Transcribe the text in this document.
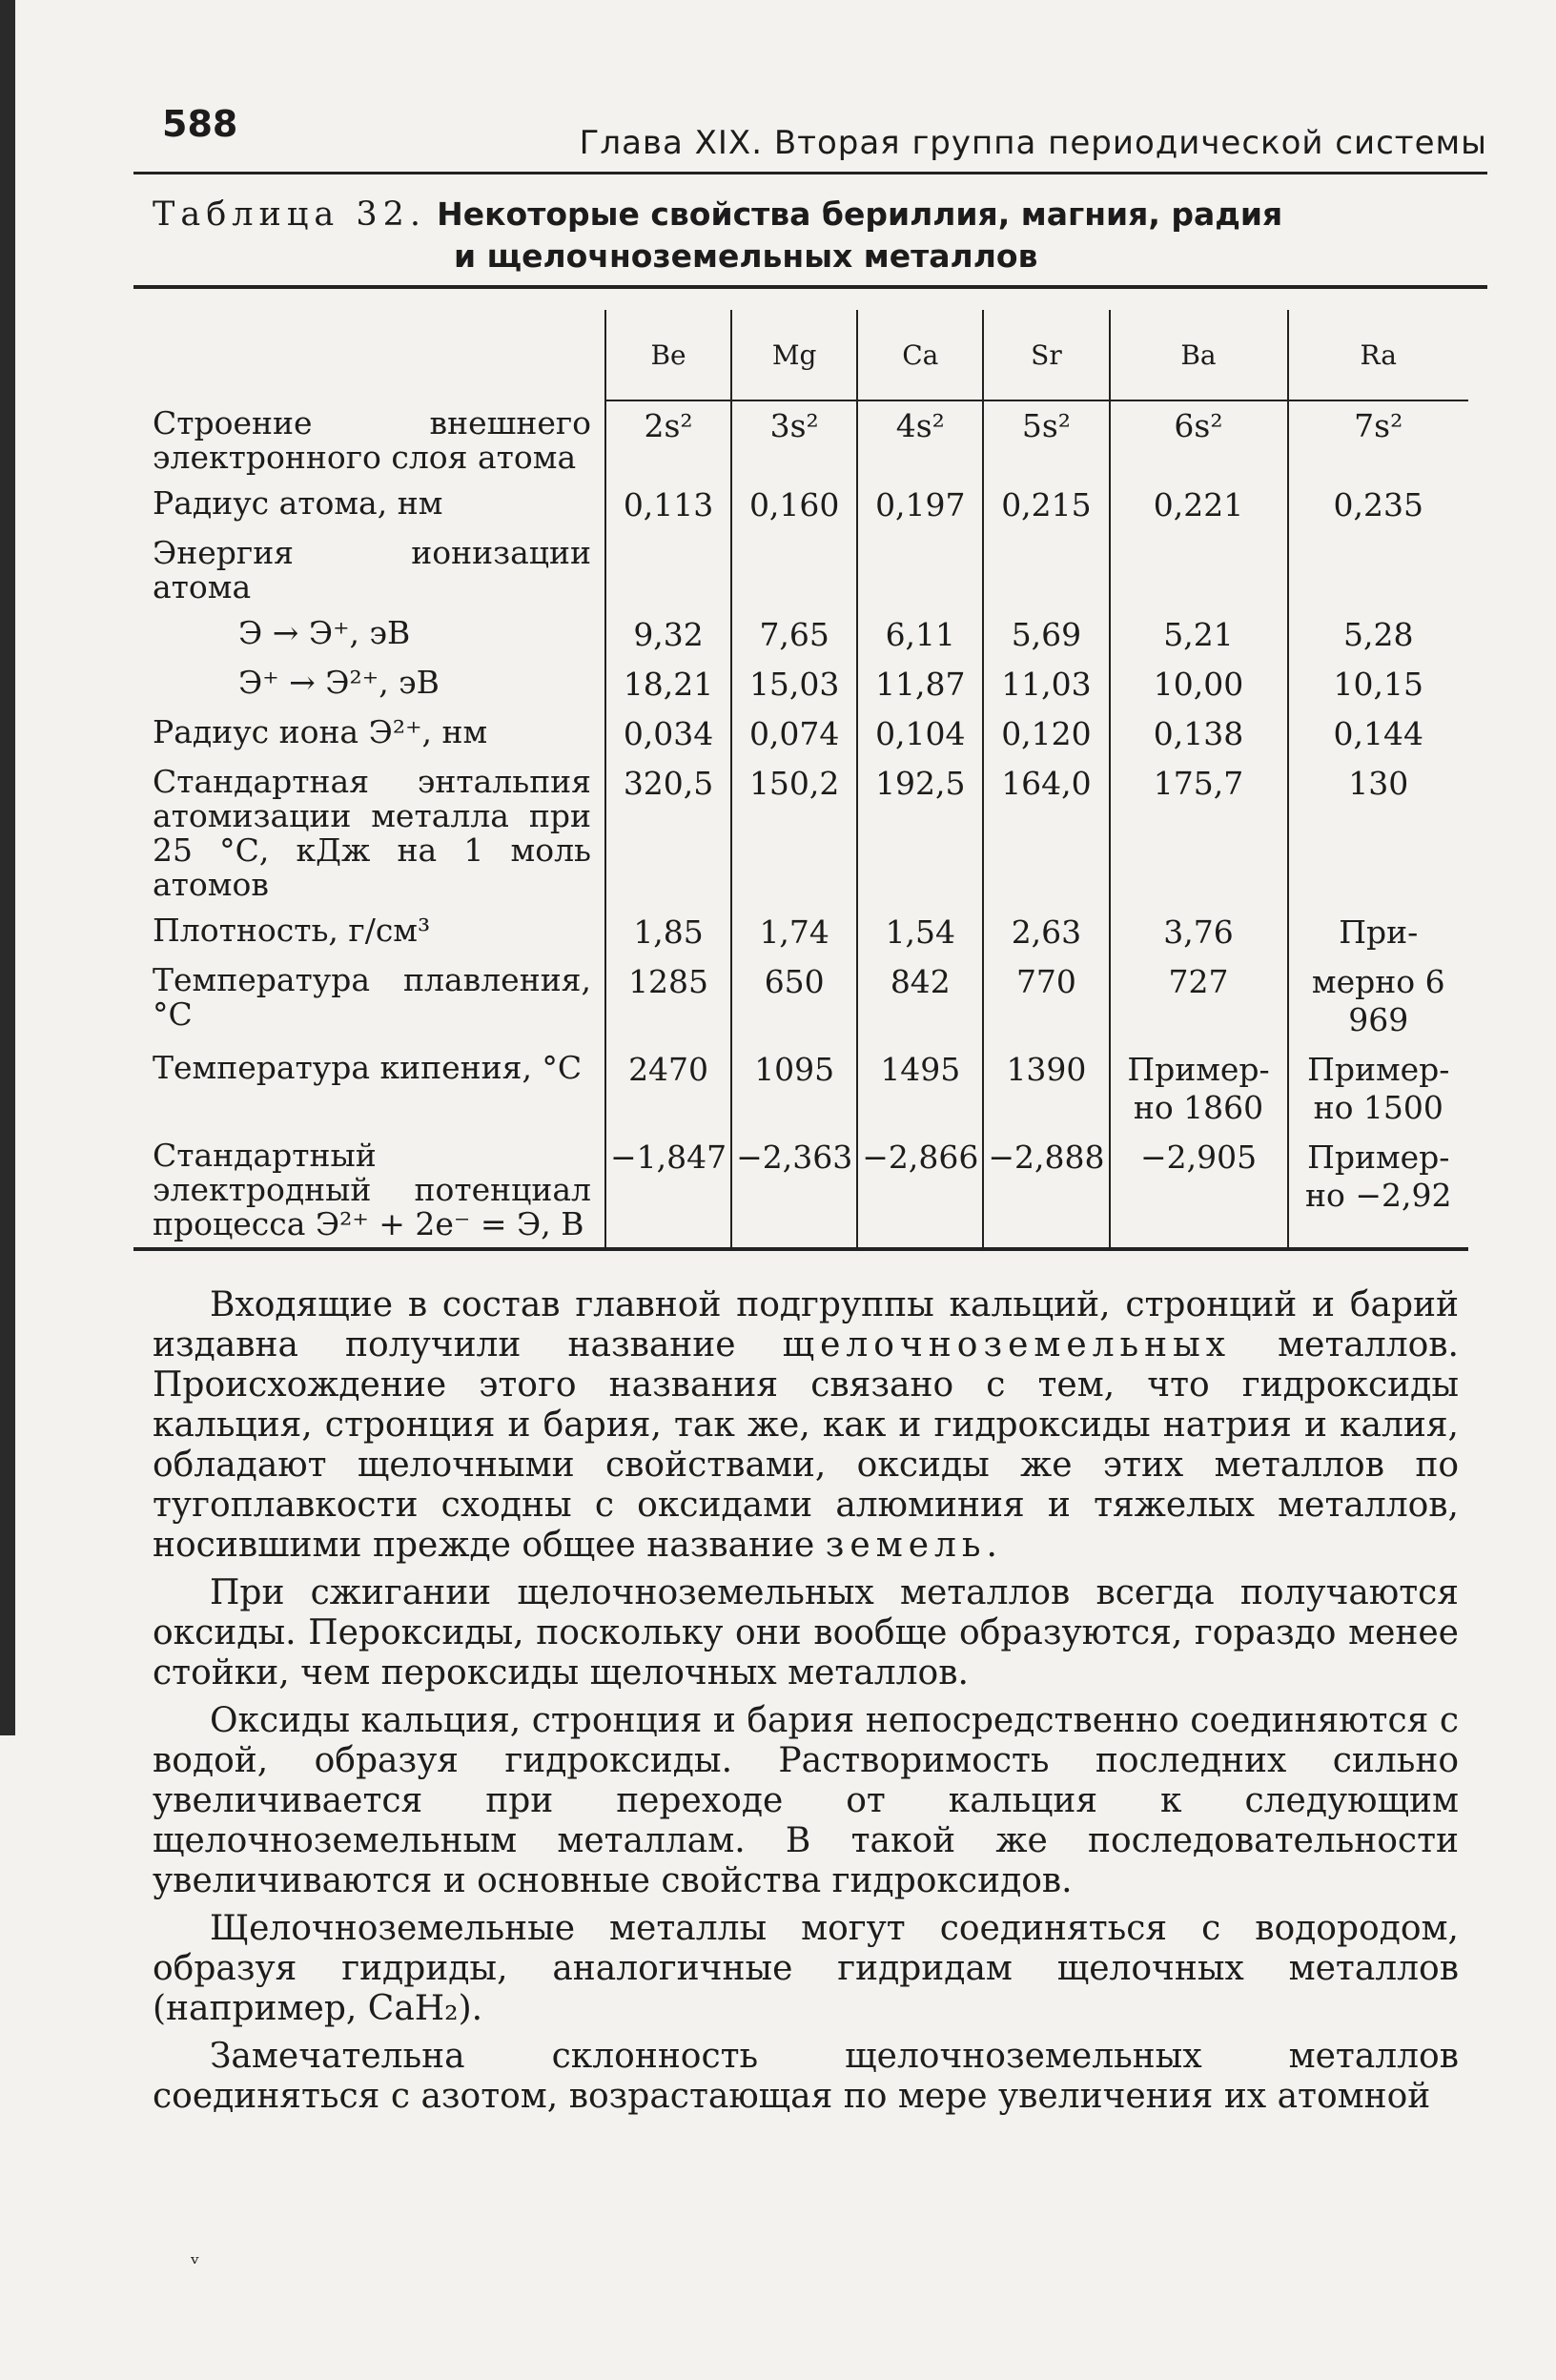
588	Глава XIX. Вторая группа периодической системы
Таблица 32. Некоторые свойства бериллия, магния, радия
и щелочноземельных металлов
	Be	Mg	Ca	Sr	Ba	Ra
Строение внешнего электронного слоя атома	2s²	3s²	4s²	5s²	6s²	7s²
Радиус атома, нм	0,113	0,160	0,197	0,215	0,221	0,235
Энергия ионизации атома						
Э → Э⁺, эВ	9,32	7,65	6,11	5,69	5,21	5,28
Э⁺ → Э²⁺, эВ	18,21	15,03	11,87	11,03	10,00	10,15
Радиус иона Э²⁺, нм	0,034	0,074	0,104	0,120	0,138	0,144
Стандартная энтальпия атомизации металла при 25 °С, кДж на 1 моль атомов	320,5	150,2	192,5	164,0	175,7	130
Плотность, г/см³	1,85	1,74	1,54	2,63	3,76	При-
Температура плавления, °С	1285	650	842	770	727	мерно 6 969
Температура кипения, °С	2470	1095	1495	1390	Пример-но 1860	Пример-но 1500
Стандартный электродный потенциал процесса Э²⁺ + 2e⁻ = Э, В	−1,847	−2,363	−2,866	−2,888	−2,905	Пример-но −2,92

Входящие в состав главной подгруппы кальций, стронций и барий издавна получили название щелочноземельных металлов. Происхождение этого названия связано с тем, что гидроксиды кальция, стронция и бария, так же, как и гидроксиды натрия и калия, обладают щелочными свойствами, оксиды же этих металлов по тугоплавкости сходны с оксидами алюминия и тяжелых металлов, носившими прежде общее название земель.

При сжигании щелочноземельных металлов всегда получаются оксиды. Пероксиды, поскольку они вообще образуются, гораздо менее стойки, чем пероксиды щелочных металлов.

Оксиды кальция, стронция и бария непосредственно соединяются с водой, образуя гидроксиды. Растворимость последних сильно увеличивается при переходе от кальция к следующим щелочноземельным металлам. В такой же последовательности увеличиваются и основные свойства гидроксидов.

Щелочноземельные металлы могут соединяться с водородом, образуя гидриды, аналогичные гидридам щелочных металлов (например, CaH₂).

Замечательна склонность щелочноземельных металлов соединяться с азотом, возрастающая по мере увеличения их атомной

ᵛ
